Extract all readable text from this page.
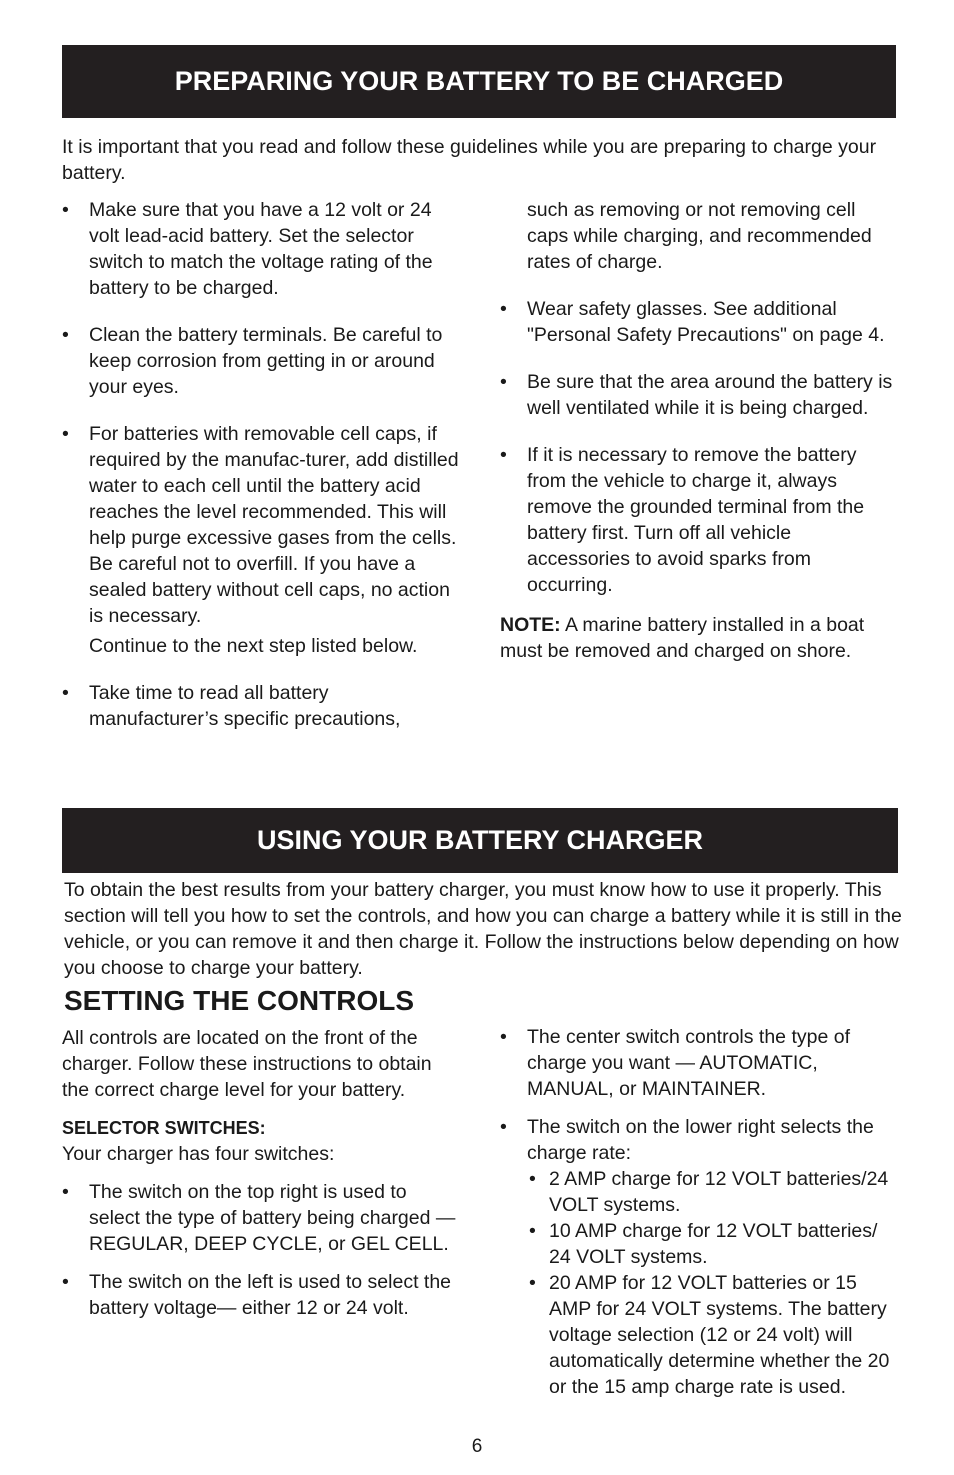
PREPARING YOUR BATTERY TO BE CHARGED

It is important that you read and follow these guidelines while you are preparing to charge your battery.

• Make sure that you have a 12 volt or 24 volt lead-acid battery. Set the selector switch to match the voltage rating of the battery to be charged.
• Clean the battery terminals. Be careful to keep corrosion from getting in or around your eyes.
• For batteries with removable cell caps, if required by the manufac-turer, add distilled water to each cell until the battery acid reaches the level recommended. This will help purge excessive gases from the cells. Be careful not to overfill. If you have a sealed battery without cell caps, no action is necessary.
Continue to the next step listed below.
• Take time to read all battery manufacturer’s specific precautions,
such as removing or not removing cell caps while charging, and recommended rates of charge.
• Wear safety glasses. See additional "Personal Safety Precautions" on page 4.
• Be sure that the area around the battery is well ventilated while it is being charged.
• If it is necessary to remove the battery from the vehicle to charge it, always remove the grounded terminal from the battery first. Turn off all vehicle accessories to avoid sparks from occurring.
NOTE: A marine battery installed in a boat must be removed and charged on shore.
USING YOUR BATTERY CHARGER

To obtain the best results from your battery charger, you must know how to use it properly. This section will tell you how to set the controls, and how you can charge a battery while it is still in the vehicle, or you can remove it and then charge it. Follow the instructions below depending on how you choose to charge your battery.

SETTING THE CONTROLS
All controls are located on the front of the charger. Follow these instructions to obtain the correct charge level for your battery.
SELECTOR SWITCHES:
Your charger has four switches:
• The switch on the top right is used to select the type of battery being charged — REGULAR, DEEP CYCLE, or GEL CELL.
• The switch on the left is used to select the battery voltage— either 12 or 24 volt.
• The center switch controls the type of charge you want — AUTOMATIC, MANUAL, or MAINTAINER.
• The switch on the lower right selects the charge rate:
• 2 AMP charge for 12 VOLT batteries/24 VOLT systems.
• 10 AMP charge for 12 VOLT batteries/ 24 VOLT systems.
• 20 AMP for 12 VOLT batteries or 15 AMP for 24 VOLT systems. The battery voltage selection (12 or 24 volt) will automatically determine whether the 20 or the 15 amp charge rate is used.
6
